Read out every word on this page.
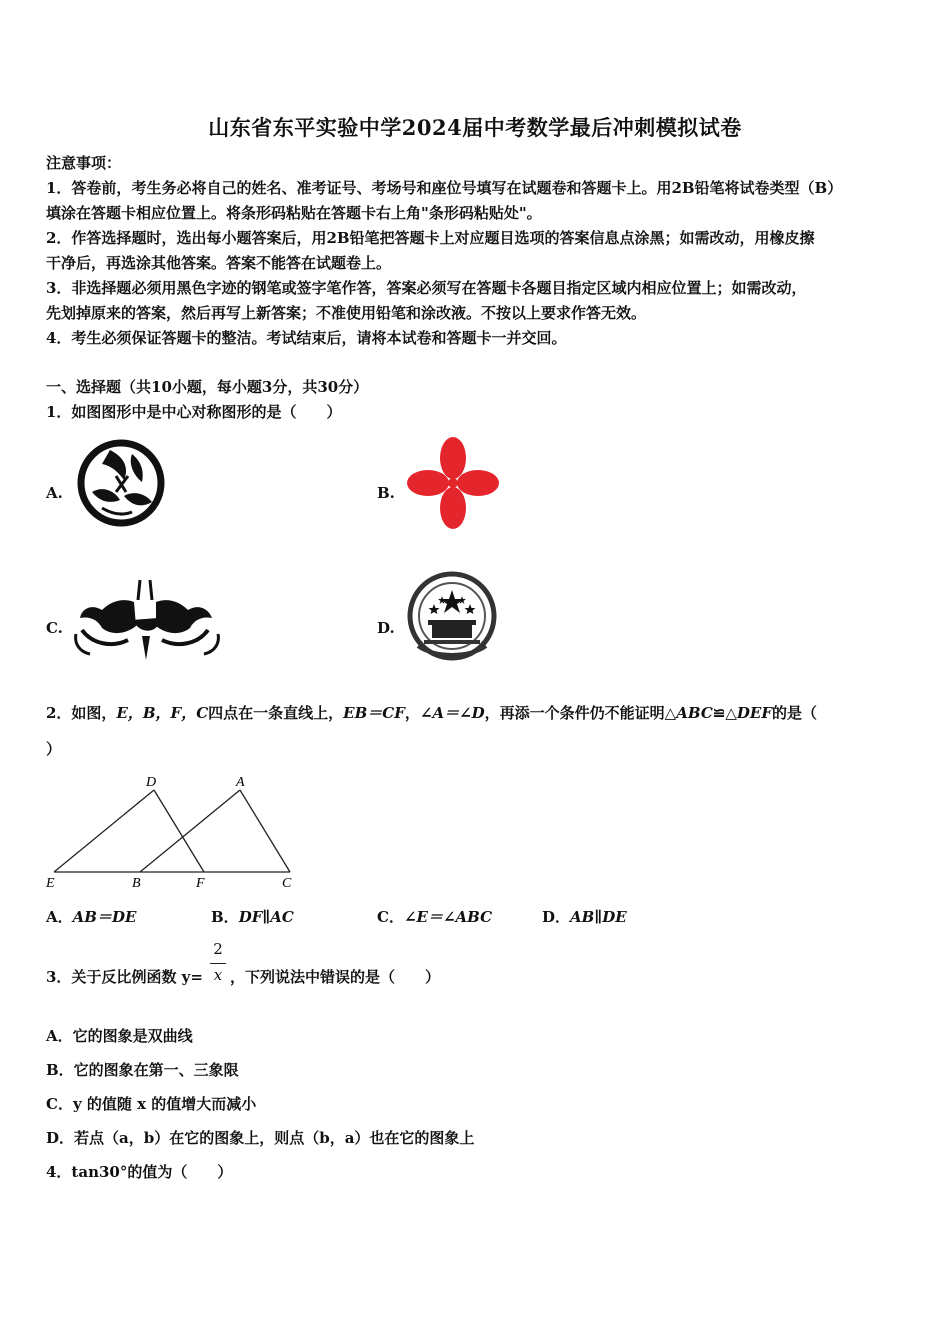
山东省东平实验中学2024届中考数学最后冲刺模拟试卷
注意事项：
1．答卷前，考生务必将自己的姓名、准考证号、考场号和座位号填写在试题卷和答题卡上。用2B铅笔将试卷类型（B）
填涂在答题卡相应位置上。将条形码粘贴在答题卡右上角"条形码粘贴处"。
2．作答选择题时，选出每小题答案后，用2B铅笔把答题卡上对应题目选项的答案信息点涂黑；如需改动，用橡皮擦
干净后，再选涂其他答案。答案不能答在试题卷上。
3．非选择题必须用黑色字迹的钢笔或签字笔作答，答案必须写在答题卡各题目指定区域内相应位置上；如需改动，
先划掉原来的答案，然后再写上新答案；不准使用铅笔和涂改液。不按以上要求作答无效。
4．考生必须保证答题卡的整洁。考试结束后，请将本试卷和答题卡一并交回。
一、选择题（共10小题，每小题3分，共30分）
1．如图图形中是中心对称图形的是（　　）
A.	B.
C.	D.
2．如图，E，B，F，C四点在一条直线上，EB＝CF，∠A＝∠D，再添一个条件仍不能证明△ABC≌△DEF的是（
）
D	A
E	B	F	C
A．AB＝DE	B．DF∥AC	C．∠E＝∠ABC	D．AB∥DE
3．关于反比例函数 y=
2
x ，下列说法中错误的是（　　）
A．它的图象是双曲线
B．它的图象在第一、三象限
C．y 的值随 x 的值增大而减小
D．若点（a，b）在它的图象上，则点（b，a）也在它的图象上
4．tan30°的值为（　　）
